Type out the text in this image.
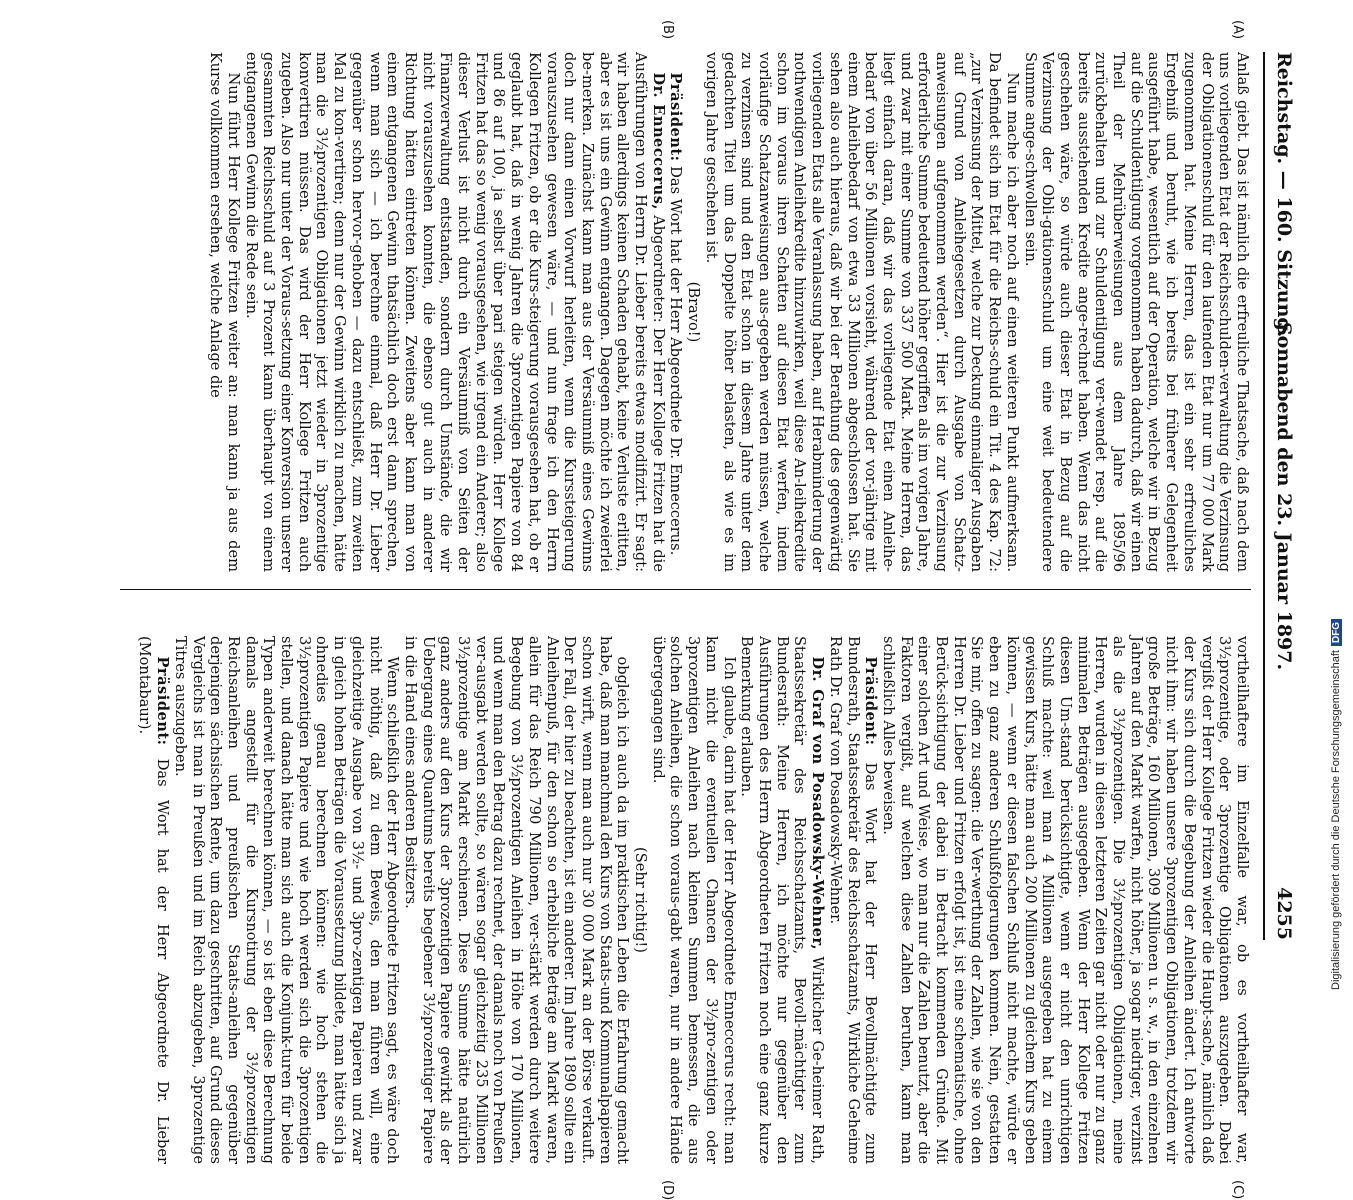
Reichstag. — 160. Sitzung.
Sonnabend den 23. Januar 1897.
4255
(A)
(B)
(C)
(D)

Anlaß giebt. Das ist nämlich die erfreuliche Thatsache, daß nach dem uns vorliegenden Etat der Reichsschulden-verwaltung die Verzinsung der Obligationenschuld für den laufenden Etat nur um 77 000 Mark zugenommen hat. Meine Herren, das ist ein sehr erfreuliches Ergebniß und beruht, wie ich bereits bei früherer Gelegenheit ausgeführt habe, wesentlich auf der Operation, welche wir in Bezug auf die Schuldentilgung vorgenommen haben dadurch, daß wir einen Theil der Mehrüberweisungen aus dem Jahre 1895/96 zurückbehalten und zur Schuldentilgung ver-wendet resp. auf die bereits ausstehenden Kredite ange-rechnet haben. Wenn das nicht geschehen wäre, so würde auch dieser Etat in Bezug auf die Verzinsung der Obli-gationenschuld um eine weit bedeutendere Summe ange-schwollen sein.

Nun mache ich aber noch auf einen weiteren Punkt aufmerksam. Da befindet sich im Etat für die Reichs-schuld ein Tit. 4 des Kap. 72: „zur Verzinsung der Mittel, welche zur Deckung einmaliger Ausgaben auf Grund von Anleihegesetzen durch Ausgabe von Schatz-anweisungen aufgenommen werden“. Hier ist die zur Verzinsung erforderliche Summe bedeutend höher gegriffen als im vorigen Jahre, und zwar mit einer Summe von 337 500 Mark. Meine Herren, das liegt einfach daran, daß wir das vorliegende Etat einen Anleihe-bedarf von über 56 Millionen vorsieht, während der vor-jährige mit einem Anleihebedarf von etwa 33 Millionen abgeschlossen hat. Sie sehen also auch hieraus, daß wir bei der Berathung des gegenwärtig vorliegenden Etats alle Veranlassung haben, auf Herabminderung der nothwendigen Anleihekredite hinzuwirken, weil diese An-leihekredite schon im voraus ihren Schatten auf diesen Etat werfen, indem vorläufige Schatzanweisungen aus-gegeben werden müssen, welche zu verzinsen sind und den Etat schon in diesem Jahre unter dem gedachten Titel um das Doppelte höher belasten, als wie es im vorigen Jahre geschehen ist.

(Bravo!)

Präsident: Das Wort hat der Herr Abgeordnete Dr. Enneccerus.

Dr. Enneccerus, Abgeordneter: Der Herr Kollege Fritzen hat die Ausführungen von Herrn Dr. Lieber bereits etwas modifizirt. Er sagt: wir haben allerdings keinen Schaden gehabt, keine Verluste erlitten, aber es ist uns ein Gewinn entgangen. Dagegen möchte ich zweierlei be-merken. Zunächst kann man aus der Versäumniß eines Gewinns doch nur dann einen Vorwurf herleiten, wenn die Kurssteigerung vorauszusehen gewesen wäre, — und nun frage ich den Herrn Kollegen Fritzen, ob er die Kurs-steigerung vorausgesehen hat, ob er geglaubt hat, daß in wenig Jahren die 3prozentigen Papiere von 84 und 86 auf 100, ja selbst über pari steigen würden. Herr Kollege Fritzen hat das so wenig vorausgesehen, wie irgend ein Anderer; also dieser Verlust ist nicht durch ein Versäumniß von Seiten der Finanzverwaltung entstanden, sondern durch Umstände, die wir nicht vorauszusehen konnten, die ebenso gut auch in anderer Richtung hätten eintreten können. Zweitens aber kann man von einem entgangenen Gewinn thatsächlich doch erst dann sprechen, wenn man sich — ich berechne einmal, daß Herr Dr. Lieber gegenüber schon hervor-gehoben — dazu entschließt, zum zweiten Mal zu kon-vertiren; denn nur der Gewinn wirklich zu machen, hätte man die 3½prozentigen Obligationen jetzt wieder in 3prozentige konvertiren müssen. Das wird der Herr Kollege Fritzen auch zugeben. Also nur unter der Voraus-setzung einer Konversion unserer gesammten Reichsschuld auf 3 Prozent kann überhaupt von einem entgangenen Gewinn die Rede sein.

Nun führt Herr Kollege Fritzen weiter an: man kann ja aus dem Kurse vollkommen ersehen, welche Anlage die

vortheilhaftere im Einzelfalle war, ob es vortheilhafter war, 3½prozentige, oder 3prozentige Obligationen auszugeben. Dabei vergißt der Herr Kollege Fritzen wieder die Haupt-sache, nämlich daß der Kurs sich durch die Begebung der Anleihen ändert. Ich antworte nicht ihm: wir haben unsere 3prozentigen Obligationen, trotzdem wir große Beträge, 160 Millionen, 309 Millionen u. s. w., in den einzelnen Jahren auf den Markt warfen, nicht höher, ja sogar niedriger, verzinst als die 3½prozentigen. Die 3½prozentigen Obligationen, meine Herren, wurden in diesen letzteren Zeiten gar nicht oder nur zu ganz minimalen Beträgen ausgegeben. Wenn der Herr Kollege Fritzen diesen Um-stand berücksichtigte, wenn er nicht den unrichtigen Schluß machte: weil man 4 Millionen ausgegeben hat zu einem gewissen Kurs, hätte man auch 200 Millionen zu gleichem Kurs geben können, — wenn er diesen falschen Schluß nicht machte, würde er eben zu ganz anderen Schlußfolgerungen kommen. Nein, gestatten Sie mir, offen zu sagen: die Ver-werthung der Zahlen, wie sie von den Herren Dr. Lieber und Fritzen erfolgt ist, ist eine schematische, ohne Berück-sichtigung der dabei in Betracht kommenden Gründe. Mit einer solchen Art und Weise, wo man nur die Zahlen benutzt, aber die Faktoren vergißt, auf welchen diese Zahlen beruhen, kann man schließlich Alles beweisen.

Präsident: Das Wort hat der Herr Bevollmächtigte zum Bundesrath, Staatssekretär des Reichsschatzamts, Wirkliche Geheime Rath Dr. Graf von Posadowsky-Wehner.

Dr. Graf von Posadowsky-Wehner, Wirklicher Ge-heimer Rath, Staatssekretär des Reichsschatzamts, Bevoll-mächtigter zum Bundesrath: Meine Herren, ich möchte nur gegenüber den Ausführungen des Herrn Abgeordneten Fritzen noch eine ganz kurze Bemerkung erlauben.

Ich glaube, darin hat der Herr Abgeordnete Enneccerus recht: man kann nicht die eventuellen Chancen der 3½pro-zentigen oder 3prozentigen Anleihen nach kleinen Summen bemessen, die aus solchen Anleihen, die schon voraus-gabt waren, nur in andere Hände übergegangen sind.

(Sehr richtig!)

obgleich ich auch da im praktischen Leben die Erfahrung gemacht habe, daß man manchmal den Kurs von Staats-und Kommunalpapieren schon wirft, wenn man auch nur 30 000 Mark an der Börse verkauft. Der Fall, der hier zu beachten, ist ein anderer. Im Jahre 1890 sollte ein Anleihenpuß, für den schon so erhebliche Beträge am Markt waren, allein für das Reich 790 Millionen, ver-stärkt werden durch weitere Begebung von 3½prozentigen Anleihen in Höhe von 170 Millionen, und wenn man den Betrag dazu rechnet, der damals noch von Preußen ver-ausgabt werden sollte, so wären sogar gleichzeitig 235 Millionen 3½prozentige am Markt erschienen. Diese Summe hätte natürlich ganz anders auf den Kurs der 3prozentigen Papiere gewirkt als der Uebergang eines Quantums bereits begebener 3½prozentiger Papiere in die Hand eines anderen Besitzers.

Wenn schließlich der Herr Abgeordnete Fritzen sagt, es wäre doch nicht nöthig, daß zu dem Beweis, den man führen will, eine gleichzeitige Ausgabe von 3½- und 3pro-zentigen Papieren und zwar in gleich hohen Beträgen die Voraussetzung bildete, man hätte sich ja ohnedies genau berechnen können: wie hoch stehen die 3½prozentigen Papiere und wie hoch werden sich die 3prozentigen stellen, und danach hätte man sich auch die Konjunk-turen für beide Typen anderweit berechnen können, — so ist eben diese Berechnung damals angestellt für die Kursnotirung der 3½prozentigen Reichsanleihen und preußischen Staats-anleihen gegenüber derjenigen sächsischen Rente, um dazu geschritten, auf Grund dieses Vergleichs ist man in Preußen und im Reich abzugeben, 3prozentige Titres auszugeben.

Präsident: Das Wort hat der Herr Abgeordnete Dr. Lieber (Montabaur).	Digitalisierung gefördert durch die Deutsche ForschungsgemeinschaftDFG
